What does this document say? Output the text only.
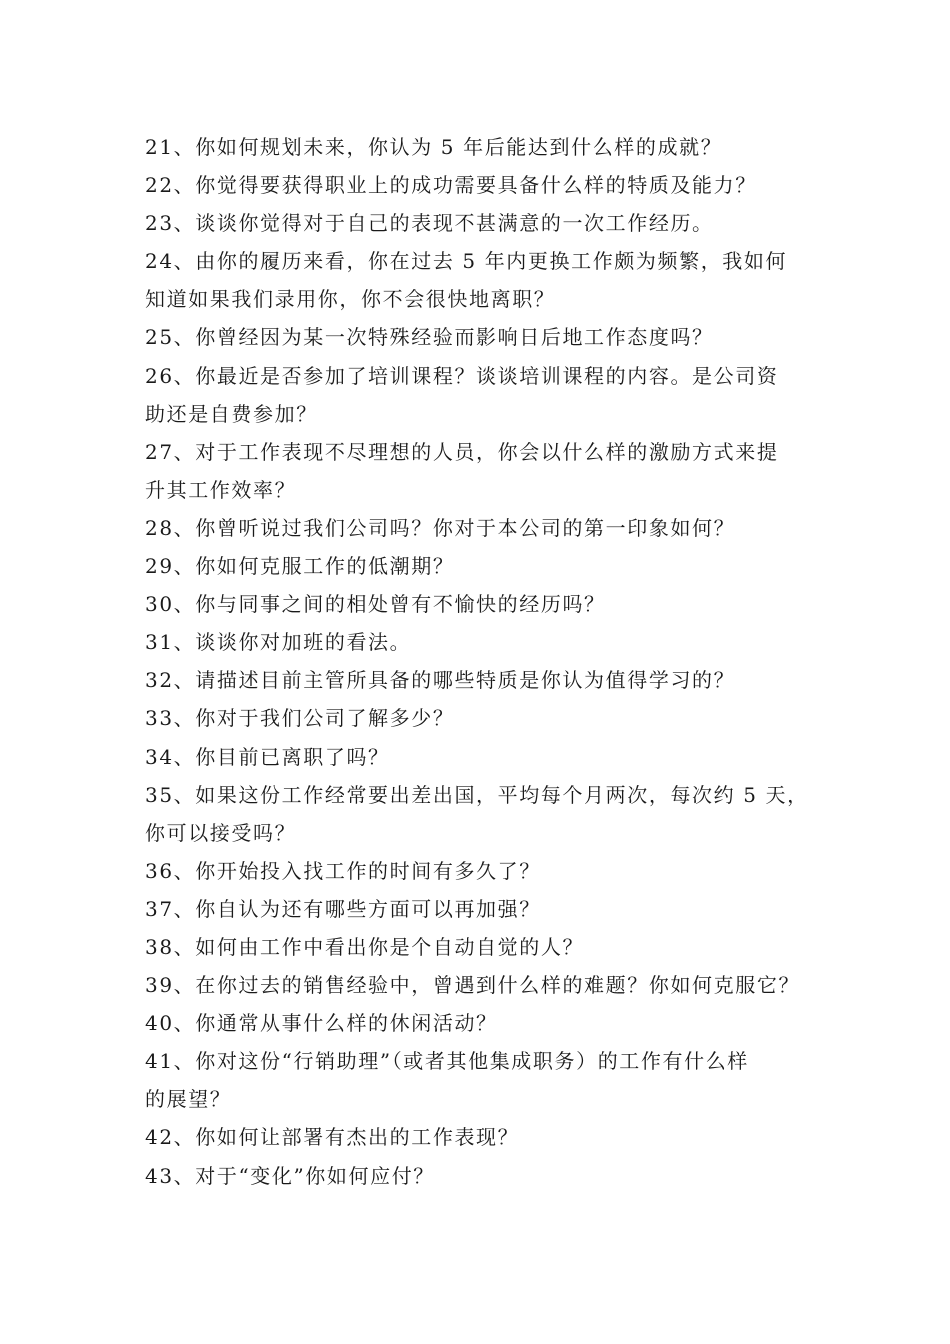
21、你如何规划未来，你认为 5 年后能达到什么样的成就？
22、你觉得要获得职业上的成功需要具备什么样的特质及能力？
23、谈谈你觉得对于自己的表现不甚满意的一次工作经历。
24、由你的履历来看，你在过去 5 年内更换工作颇为频繁，我如何
知道如果我们录用你，你不会很快地离职？
25、你曾经因为某一次特殊经验而影响日后地工作态度吗？
26、你最近是否参加了培训课程？谈谈培训课程的内容。是公司资
助还是自费参加？
27、对于工作表现不尽理想的人员，你会以什么样的激励方式来提
升其工作效率？
28、你曾听说过我们公司吗？你对于本公司的第一印象如何？
29、你如何克服工作的低潮期？
30、你与同事之间的相处曾有不愉快的经历吗？
31、谈谈你对加班的看法。
32、请描述目前主管所具备的哪些特质是你认为值得学习的？
33、你对于我们公司了解多少？
34、你目前已离职了吗？
35、如果这份工作经常要出差出国，平均每个月两次，每次约 5 天，
你可以接受吗？
36、你开始投入找工作的时间有多久了？
37、你自认为还有哪些方面可以再加强？
38、如何由工作中看出你是个自动自觉的人？
39、在你过去的销售经验中，曾遇到什么样的难题？你如何克服它？
40、你通常从事什么样的休闲活动？
41、你对这份“行销助理”（或者其他集成职务）的工作有什么样
的展望？
42、你如何让部署有杰出的工作表现？
43、对于“变化”你如何应付？
